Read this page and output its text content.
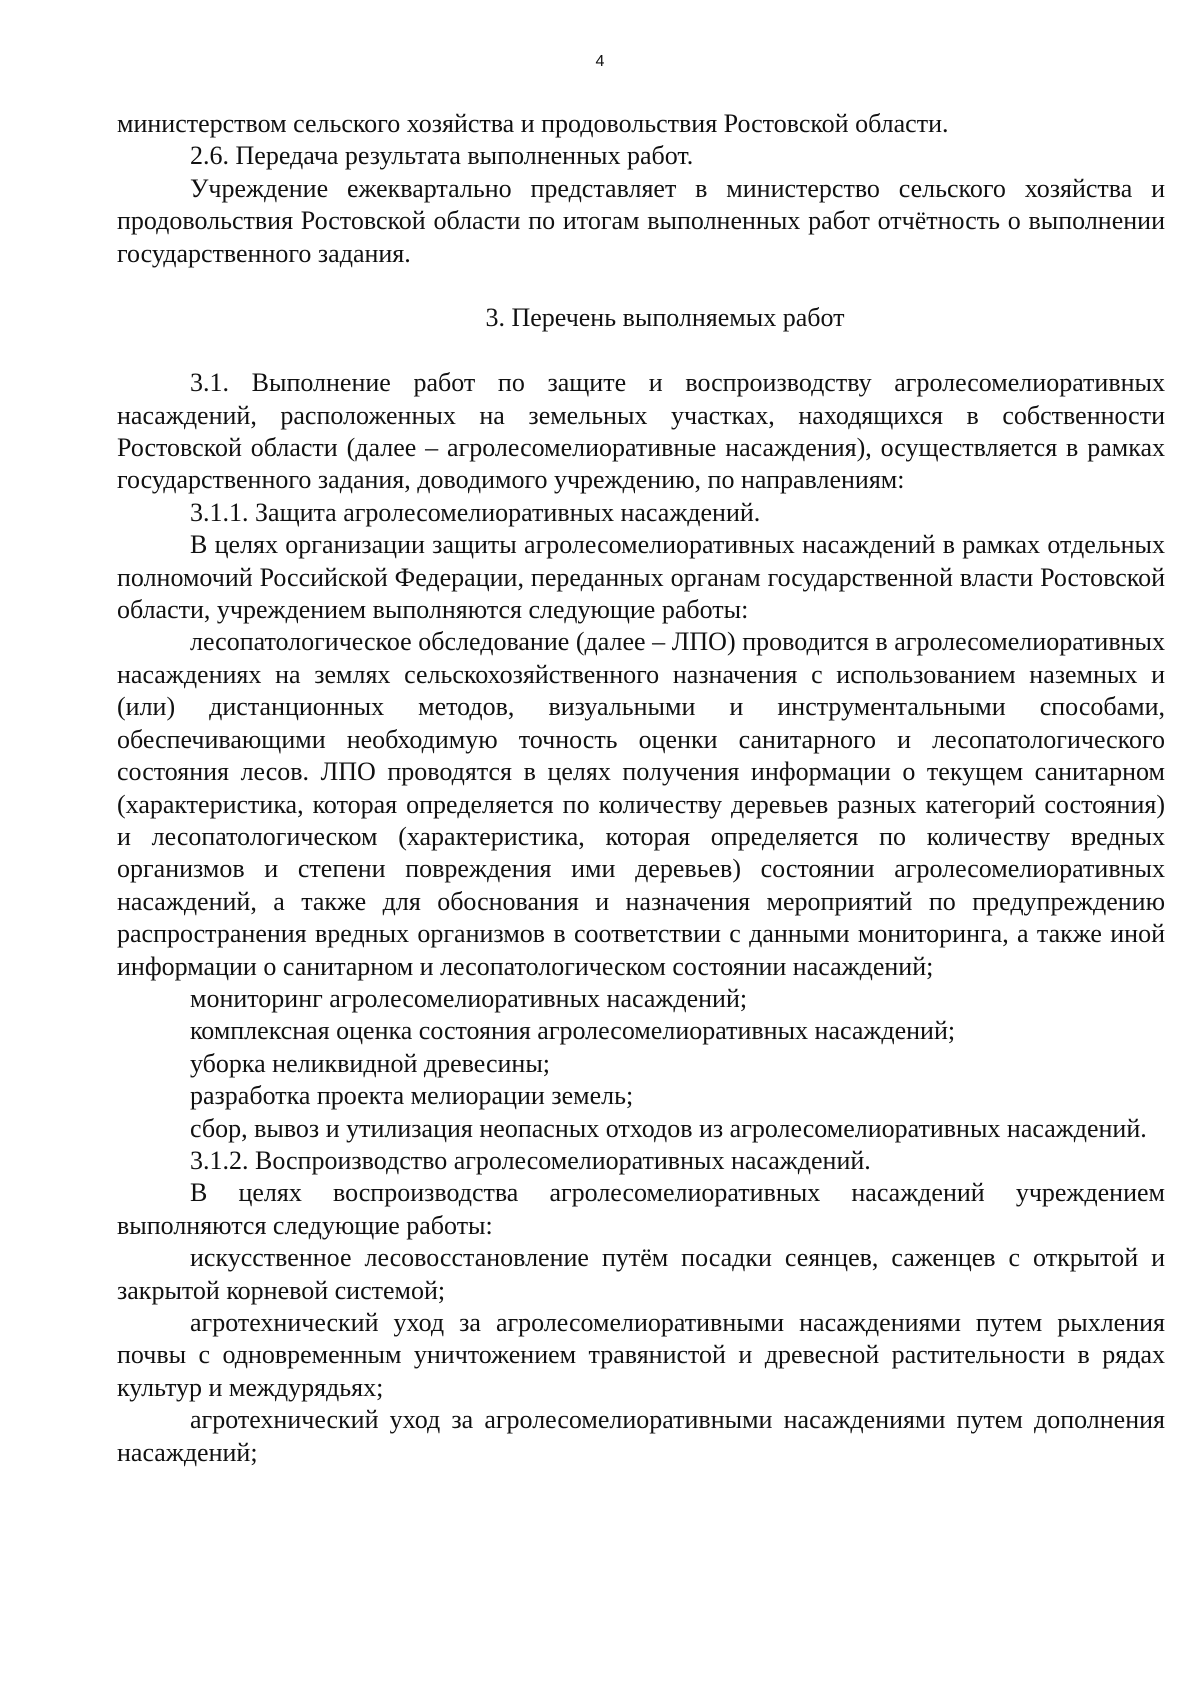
4

министерством сельского хозяйства и продовольствия Ростовской области.

2.6. Передача результата выполненных работ.

Учреждение ежеквартально представляет в министерство сельского хозяйства и продовольствия Ростовской области по итогам выполненных работ отчётность о выполнении государственного задания.

3. Перечень выполняемых работ

3.1. Выполнение работ по защите и воспроизводству агролесомелиоративных насаждений, расположенных на земельных участках, находящихся в собственности Ростовской области (далее – агролесомелиоративные насаждения), осуществляется в рамках государственного задания, доводимого учреждению, по направлениям:

3.1.1. Защита агролесомелиоративных насаждений.

В целях организации защиты агролесомелиоративных насаждений в рамках отдельных полномочий Российской Федерации, переданных органам государственной власти Ростовской области, учреждением выполняются следующие работы:

лесопатологическое обследование (далее – ЛПО) проводится в агролесомелиоративных насаждениях на землях сельскохозяйственного назначения с использованием наземных и (или) дистанционных методов, визуальными и инструментальными способами, обеспечивающими необходимую точность оценки санитарного и лесопатологического состояния лесов. ЛПО проводятся в целях получения информации о текущем санитарном (характеристика, которая определяется по количеству деревьев разных категорий состояния) и лесопатологическом (характеристика, которая определяется по количеству вредных организмов и степени повреждения ими деревьев) состоянии агролесомелиоративных насаждений, а также для обоснования и назначения мероприятий по предупреждению распространения вредных организмов в соответствии с данными мониторинга, а также иной информации о санитарном и лесопатологическом состоянии насаждений;

мониторинг агролесомелиоративных насаждений;

комплексная оценка состояния агролесомелиоративных насаждений;

уборка неликвидной древесины;

разработка проекта мелиорации земель;

сбор, вывоз и утилизация неопасных отходов из агролесомелиоративных насаждений.

3.1.2. Воспроизводство агролесомелиоративных насаждений.

В целях воспроизводства агролесомелиоративных насаждений учреждением выполняются следующие работы:

искусственное лесовосстановление путём посадки сеянцев, саженцев с открытой и закрытой корневой системой;

агротехнический уход за агролесомелиоративными насаждениями путем рыхления почвы с одновременным уничтожением травянистой и древесной растительности в рядах культур и междурядьях;

агротехнический уход за агролесомелиоративными насаждениями путем дополнения насаждений;
